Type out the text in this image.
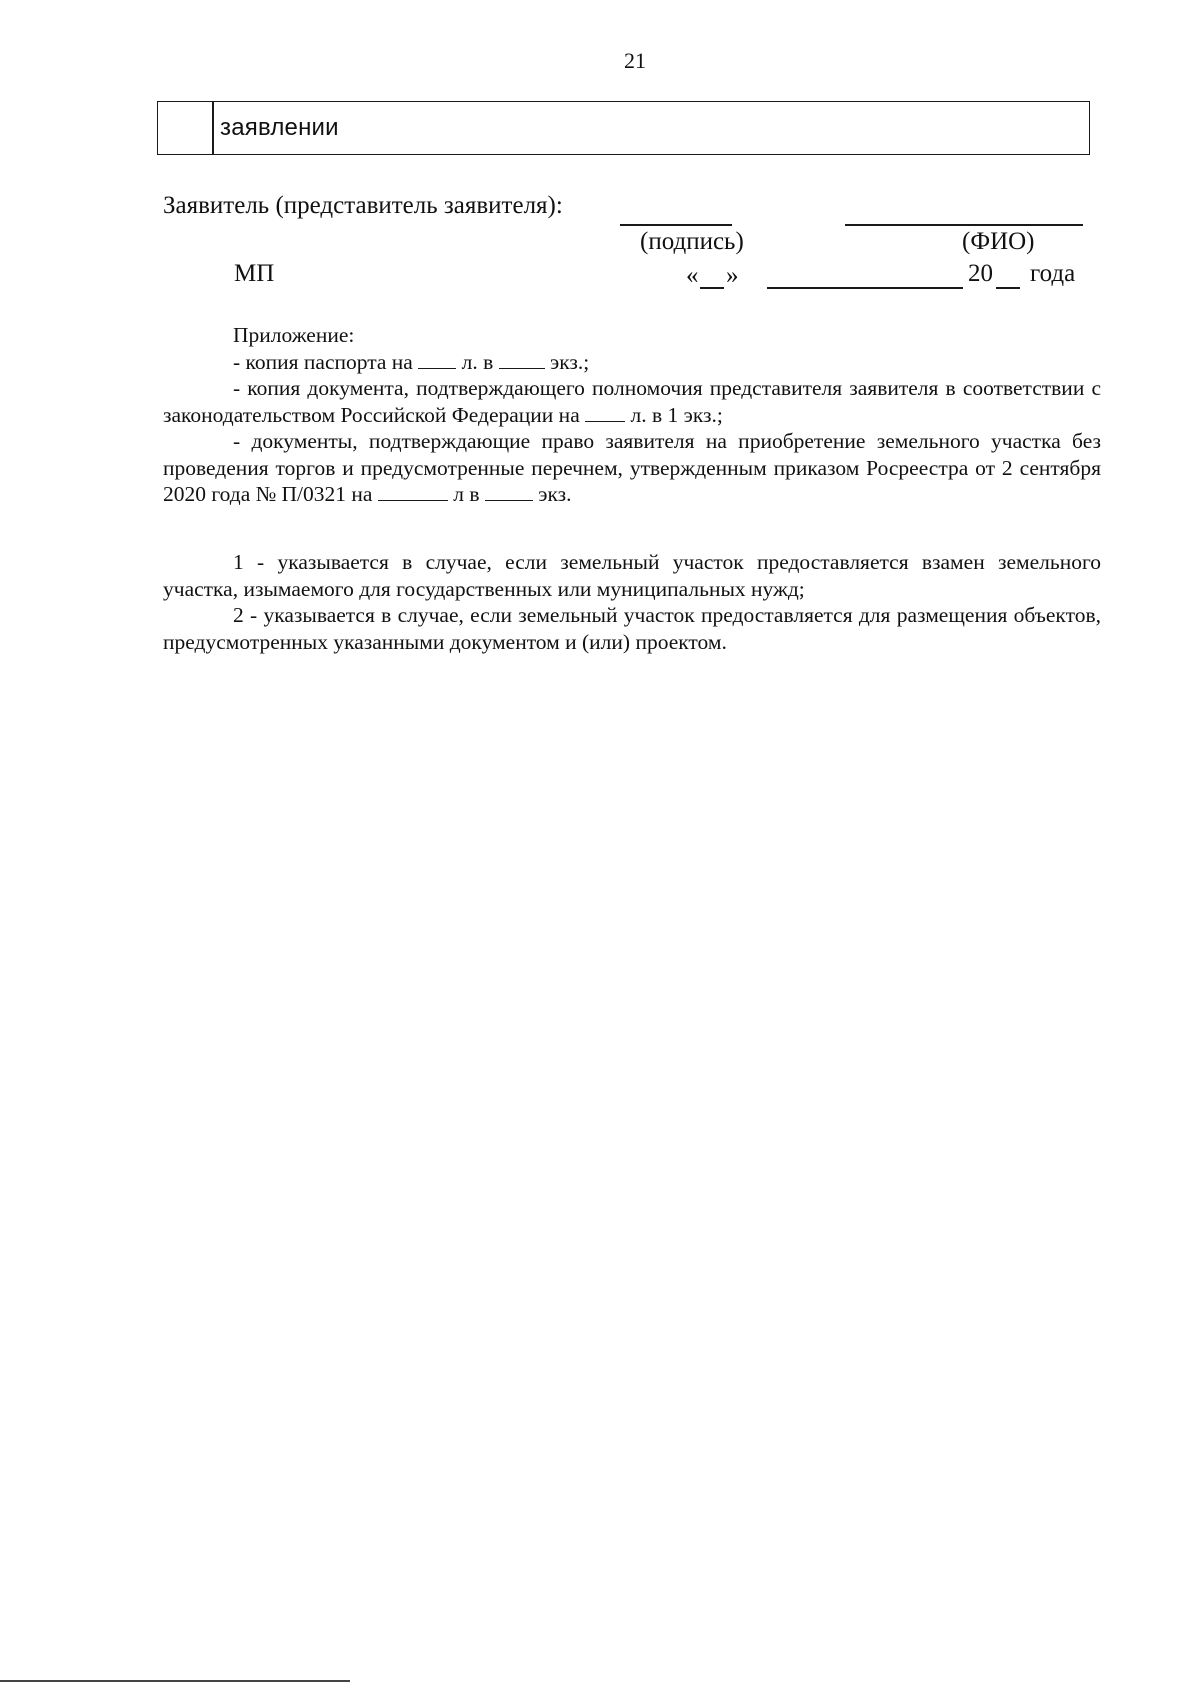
21
заявлении
Заявитель (представитель заявителя):
(подпись)	(ФИО)
МП	« »	20 года
Приложение:
- копия паспорта на  л. в  экз.;
- копия документа, подтверждающего полномочия представителя заявителя в соответствии с законодательством Российской Федерации на  л. в 1 экз.;
- документы, подтверждающие право заявителя на приобретение земельного участка без проведения торгов и предусмотренные перечнем, утвержденным приказом Росреестра от 2 сентября 2020 года № П/0321 на	л в  экз.
1 - указывается в случае, если земельный участок предоставляется взамен земельного участка, изымаемого для государственных или муниципальных нужд;
2 - указывается в случае, если земельный участок предоставляется для размещения объектов, предусмотренных указанными документом и (или) проектом.
